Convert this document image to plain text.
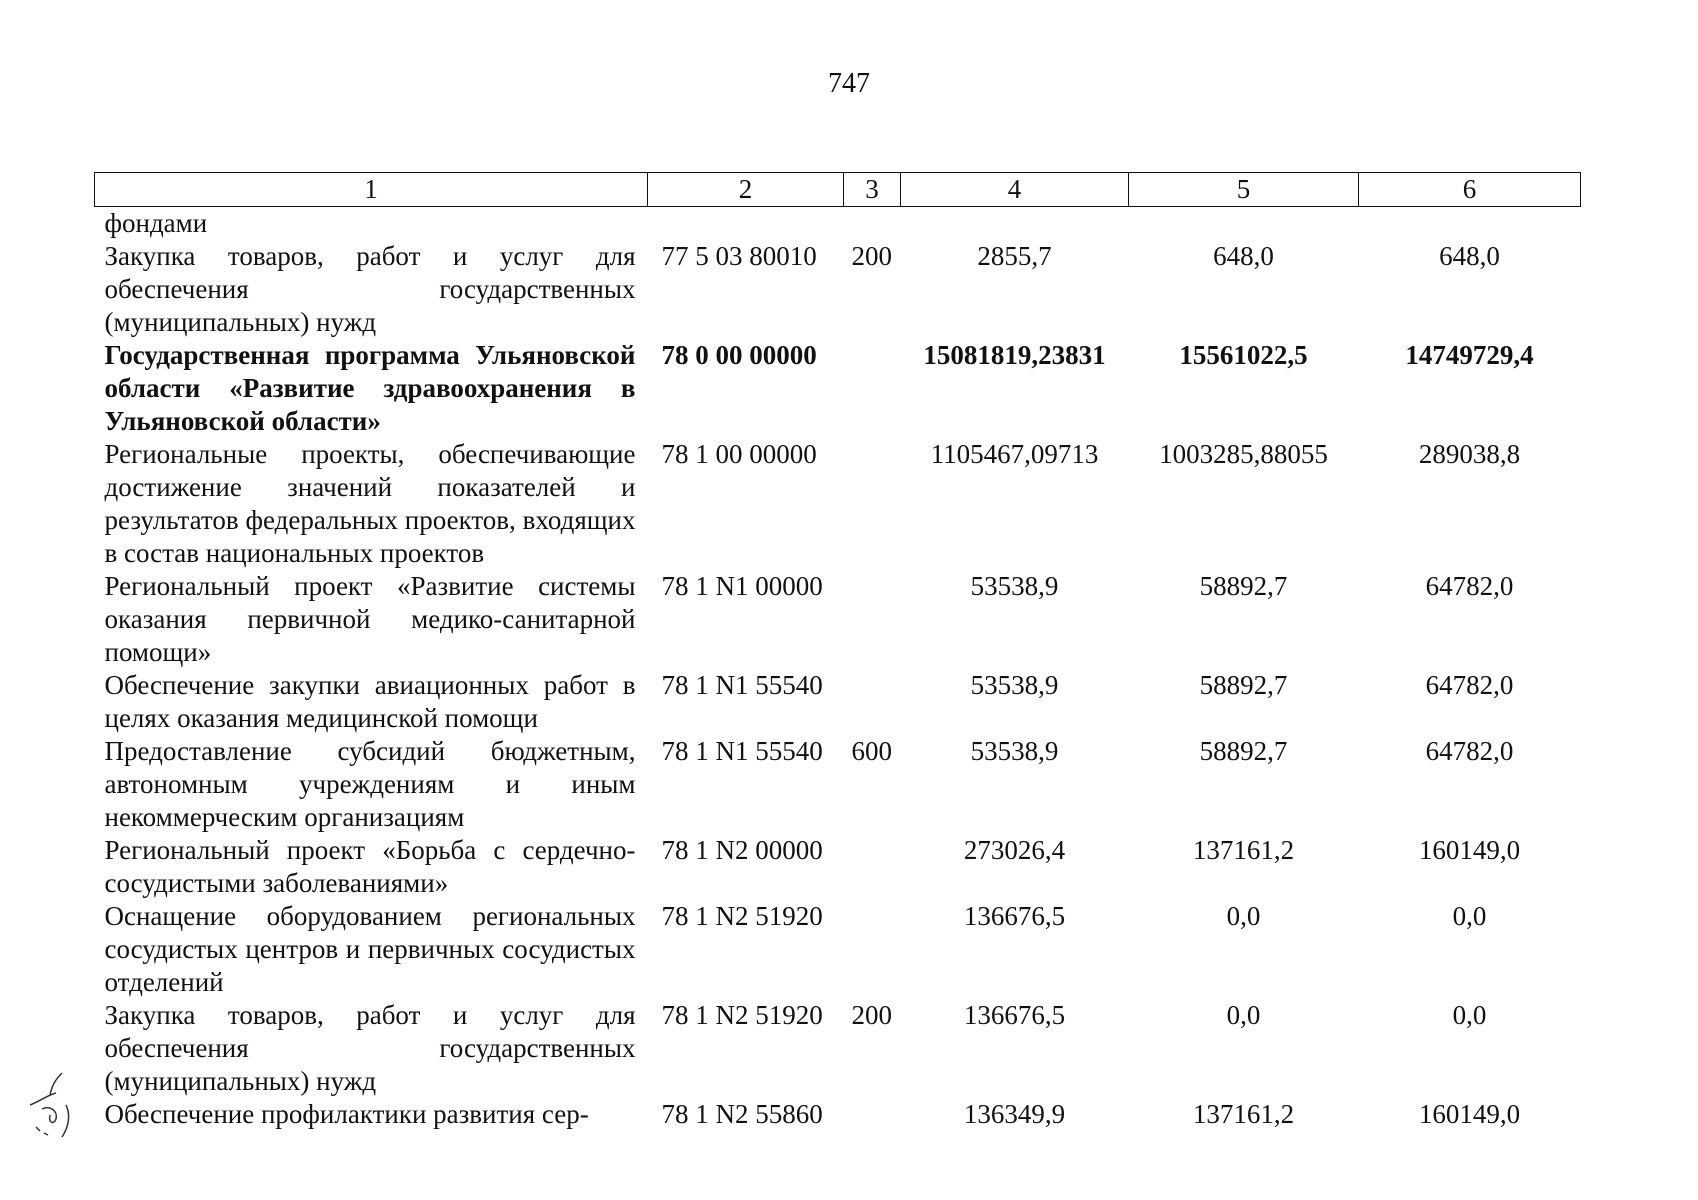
747
1	2	3	4	5	6
фондами					
Закупка товаров, работ и услуг для обеспечения государственных (муниципальных) нужд	77 5 03 80010	200	2855,7	648,0	648,0
Государственная программа Ульяновской области «Развитие здравоохранения в Ульяновской области»	78 0 00 00000		15081819,23831	15561022,5	14749729,4
Региональные проекты, обеспечивающие достижение значений показателей и результатов федеральных проектов, входящих в состав национальных проектов	78 1 00 00000		1105467,09713	1003285,88055	289038,8
Региональный проект «Развитие системы оказания первичной медико-санитарной помощи»	78 1 N1 00000		53538,9	58892,7	64782,0
Обеспечение закупки авиационных работ в целях оказания медицинской помощи	78 1 N1 55540		53538,9	58892,7	64782,0
Предоставление субсидий бюджетным, автономным учреждениям и иным некоммерческим организациям	78 1 N1 55540	600	53538,9	58892,7	64782,0
Региональный проект «Борьба с сердечно-сосудистыми заболеваниями»	78 1 N2 00000		273026,4	137161,2	160149,0
Оснащение оборудованием региональных сосудистых центров и первичных сосудистых отделений	78 1 N2 51920		136676,5	0,0	0,0
Закупка товаров, работ и услуг для обеспечения государственных (муниципальных) нужд	78 1 N2 51920	200	136676,5	0,0	0,0
Обеспечение профилактики развития сер-	78 1 N2 55860		136349,9	137161,2	160149,0
